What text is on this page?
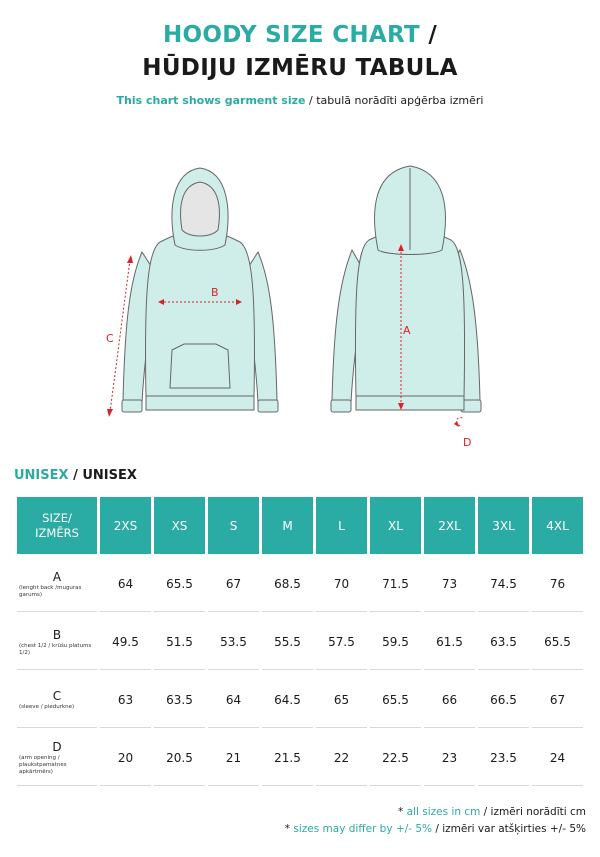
HOODY SIZE CHART /
HŪDIJU IZMĒRU TABULA
This chart shows garment size / tabulā norādīti apģērba izmēri
B
C
A
D
UNISEX / UNISEX
SIZE/
IZMĒRS	2XS	XS	S	M	L	XL	2XL	3XL	4XL

A
(lenght back /muguras garums)	64	65.5	67	68.5	70	71.5	73	74.5	76

B
(chest 1/2 / krūšu platums 1/2)	49.5	51.5	53.5	55.5	57.5	59.5	61.5	63.5	65.5

C
(sleeve / piedurkne)	63	63.5	64	64.5	65	65.5	66	66.5	67

D
(arm opening / plaukstpamatnes apkārtmērs)	20	20.5	21	21.5	22	22.5	23	23.5	24
* all sizes in cm / izmēri norādīti cm
* sizes may differ by +/- 5% / izmēri var atšķirties +/- 5%
